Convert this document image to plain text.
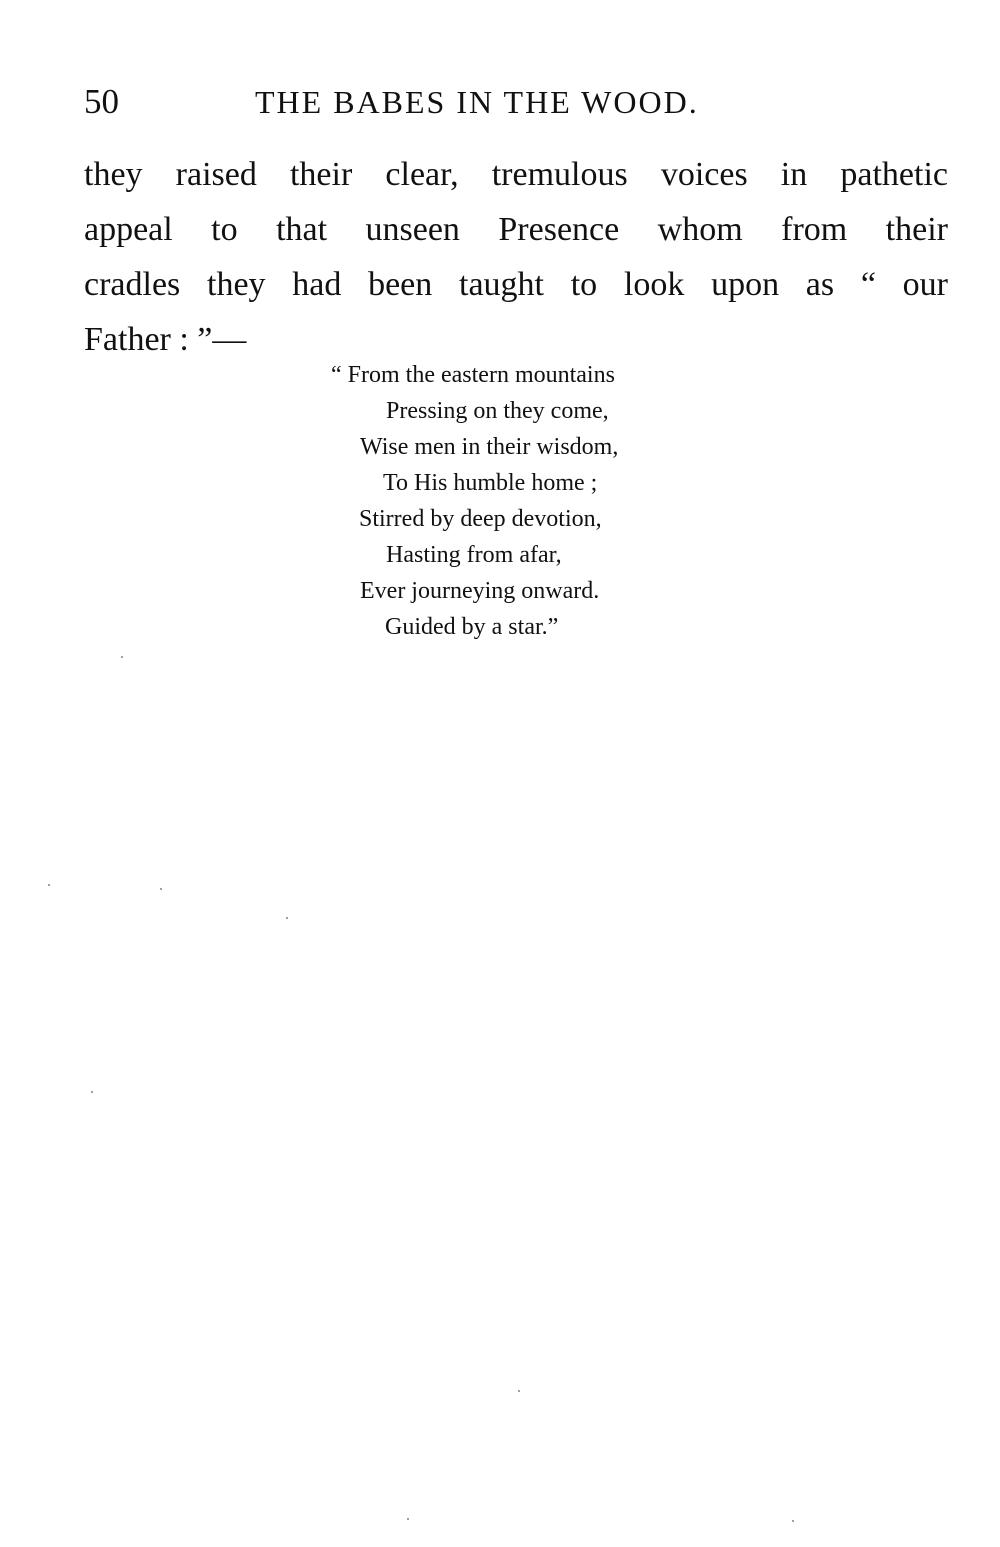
50	THE BABES IN THE WOOD.
they raised their clear, tremulous voices in pathetic
appeal to that unseen Presence whom from their
cradles they had been taught to look upon as “ our
Father : ”—
“ From the eastern mountains
Pressing on they come,
Wise men in their wisdom,
To His humble home ;
Stirred by deep devotion,
Hasting from afar,
Ever journeying onward.
Guided by a star.”
